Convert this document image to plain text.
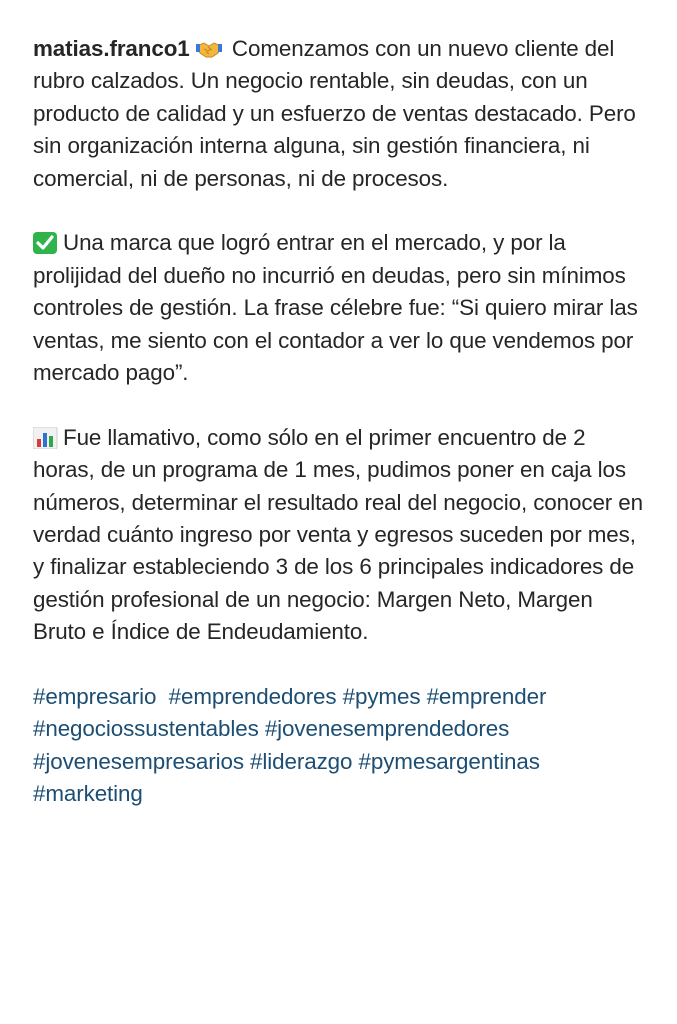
matias.franco1
Comenzamos con un nuevo cliente del rubro calzados. Un negocio rentable, sin deudas, con un producto de calidad y un esfuerzo de ventas destacado. Pero sin organización interna alguna, sin gestión financiera, ni comercial, ni de personas, ni de procesos.

Una marca que logró entrar en el mercado, y por la prolijidad del dueño no incurrió en deudas, pero sin mínimos controles de gestión. La frase célebre fue: “Si quiero mirar las ventas, me siento con el contador a ver lo que vendemos por mercado pago”.

Fue llamativo, como sólo en el primer encuentro de 2 horas, de un programa de 1 mes, pudimos poner en caja los números, determinar el resultado real del negocio, conocer en verdad cuánto ingreso por venta y egresos suceden por mes, y finalizar estableciendo 3 de los 6 principales indicadores de gestión profesional de un negocio: Margen Neto, Margen Bruto e Índice de Endeudamiento.

#empresario #emprendedores #pymes #emprender #negociossustentables #jovenesemprendedores #jovenesempresarios #liderazgo #pymesargentinas #marketing
